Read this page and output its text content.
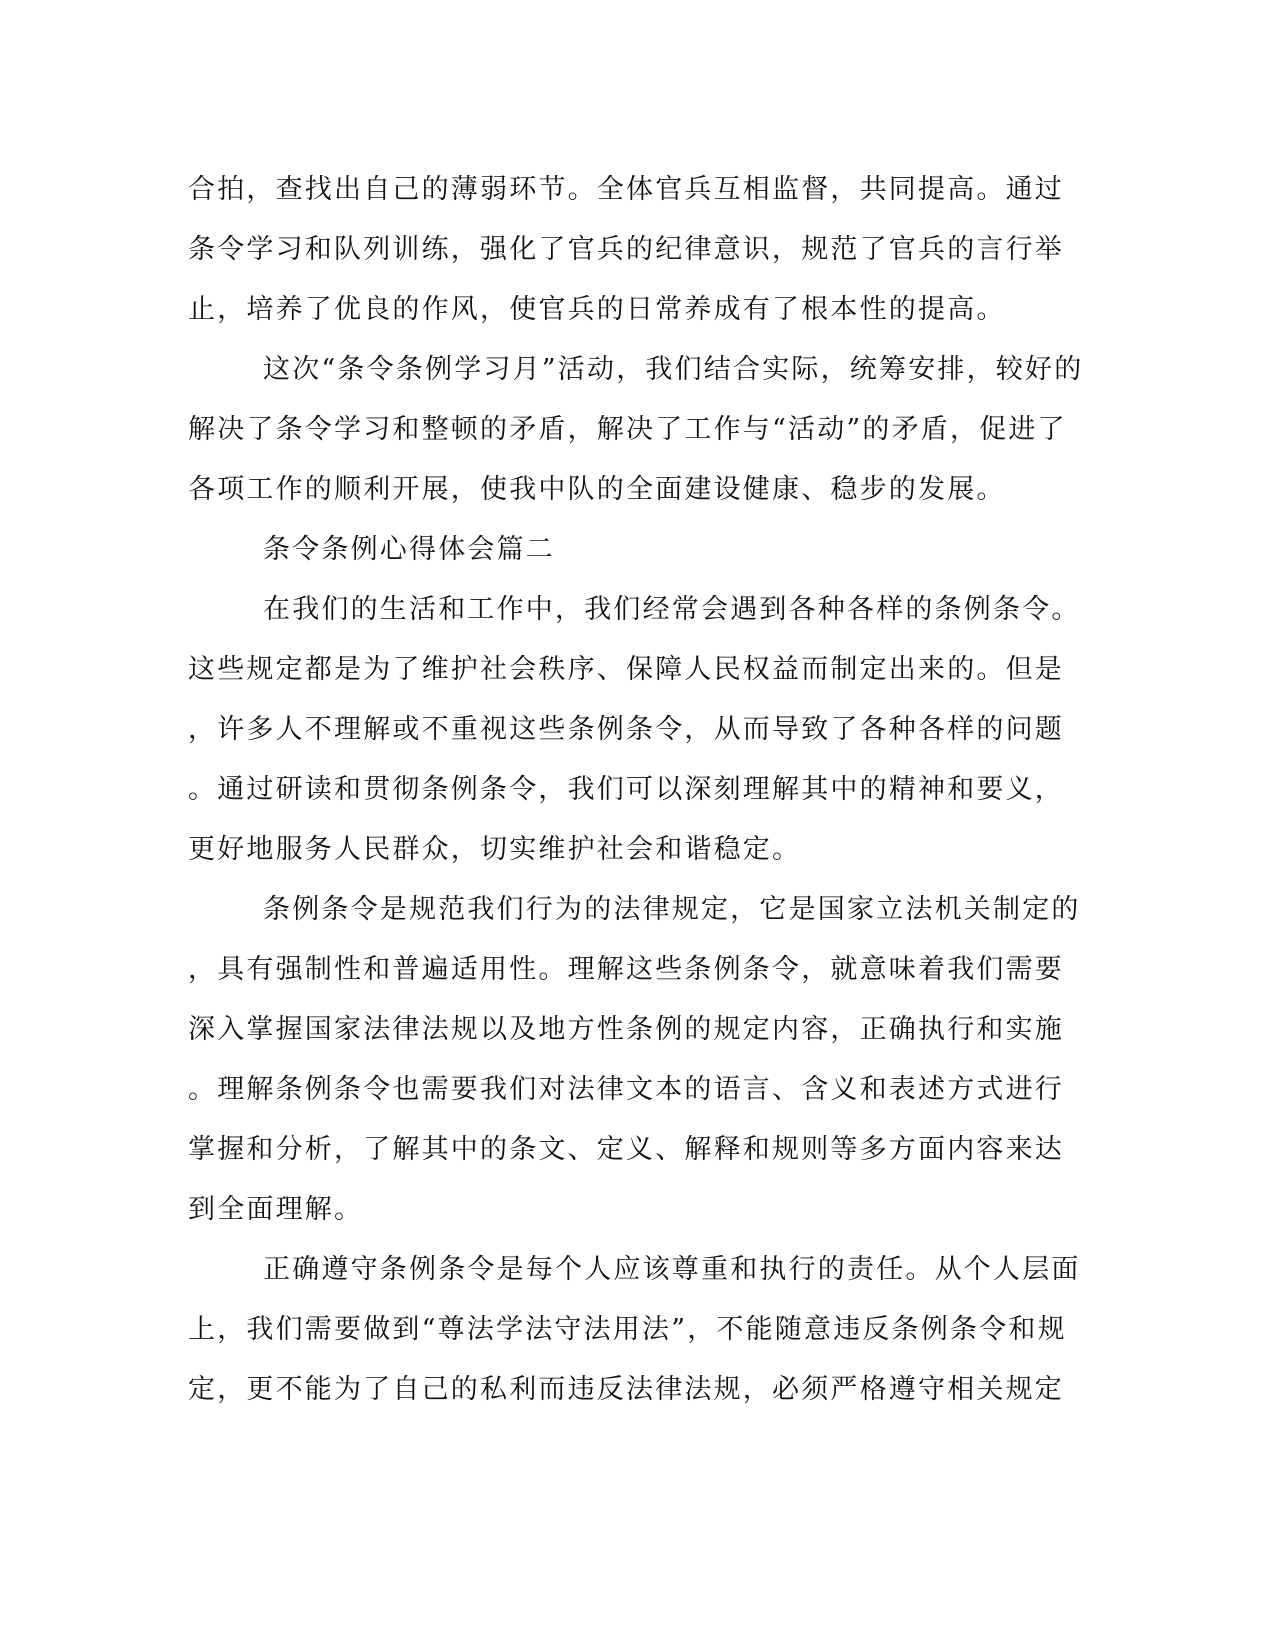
合拍，查找出自己的薄弱环节。全体官兵互相监督，共同提高。通过
条令学习和队列训练，强化了官兵的纪律意识，规范了官兵的言行举
止，培养了优良的作风，使官兵的日常养成有了根本性的提高。
这次“条令条例学习月”活动，我们结合实际，统筹安排，较好的
解决了条令学习和整顿的矛盾，解决了工作与“活动”的矛盾，促进了
各项工作的顺利开展，使我中队的全面建设健康、稳步的发展。
条令条例心得体会篇二
在我们的生活和工作中，我们经常会遇到各种各样的条例条令。
这些规定都是为了维护社会秩序、保障人民权益而制定出来的。但是
，许多人不理解或不重视这些条例条令，从而导致了各种各样的问题
。通过研读和贯彻条例条令，我们可以深刻理解其中的精神和要义，
更好地服务人民群众，切实维护社会和谐稳定。
条例条令是规范我们行为的法律规定，它是国家立法机关制定的
，具有强制性和普遍适用性。理解这些条例条令，就意味着我们需要
深入掌握国家法律法规以及地方性条例的规定内容，正确执行和实施
。理解条例条令也需要我们对法律文本的语言、含义和表述方式进行
掌握和分析，了解其中的条文、定义、解释和规则等多方面内容来达
到全面理解。
正确遵守条例条令是每个人应该尊重和执行的责任。从个人层面
上，我们需要做到“尊法学法守法用法”，不能随意违反条例条令和规
定，更不能为了自己的私利而违反法律法规，必须严格遵守相关规定
